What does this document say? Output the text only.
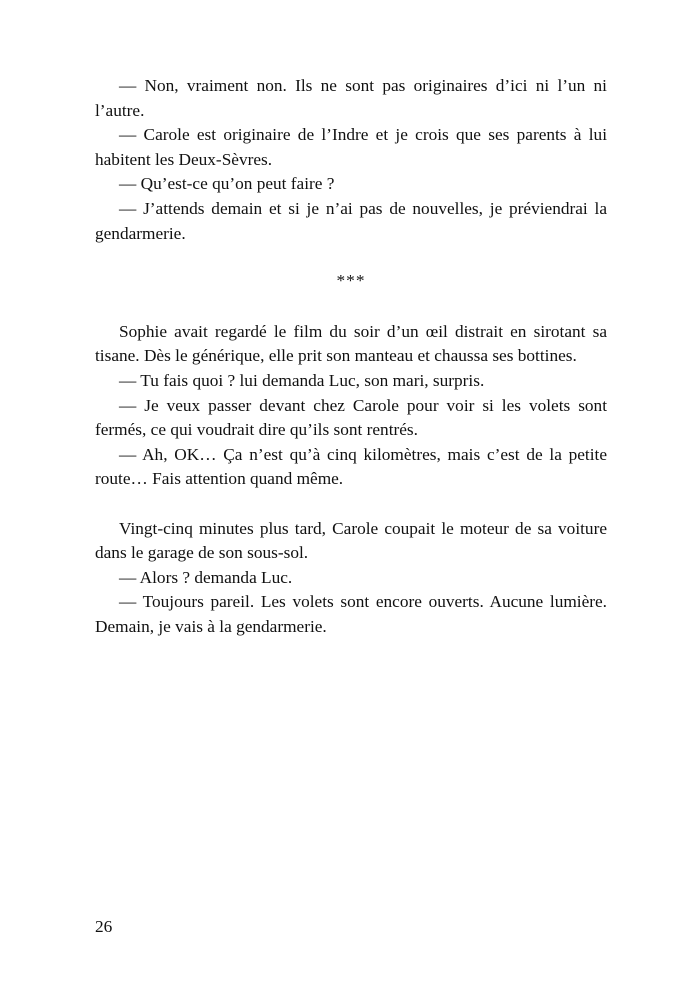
— Non, vraiment non. Ils ne sont pas originaires d’ici ni l’un ni l’autre.

— Carole est originaire de l’Indre et je crois que ses parents à lui habitent les Deux-Sèvres.

— Qu’est-ce qu’on peut faire ?

— J’attends demain et si je n’ai pas de nouvelles, je préviendrai la gendarmerie.

***

Sophie avait regardé le film du soir d’un œil distrait en sirotant sa tisane. Dès le générique, elle prit son manteau et chaussa ses bottines.

— Tu fais quoi ? lui demanda Luc, son mari, surpris.

— Je veux passer devant chez Carole pour voir si les volets sont fermés, ce qui voudrait dire qu’ils sont rentrés.

— Ah, OK… Ça n’est qu’à cinq kilomètres, mais c’est de la petite route… Fais attention quand même.

Vingt-cinq minutes plus tard, Carole coupait le moteur de sa voiture dans le garage de son sous-sol.

— Alors ? demanda Luc.

— Toujours pareil. Les volets sont encore ouverts. Aucune lumière. Demain, je vais à la gendarmerie.

26
